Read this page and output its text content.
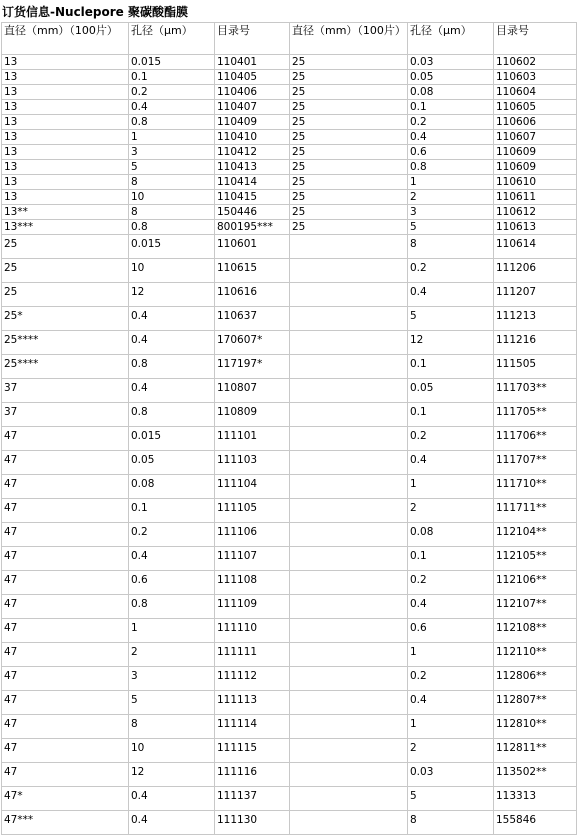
订货信息-Nuclepore 聚碳酸酯膜
直径（mm）（100片）	孔径（μm）	目录号	直径（mm）（100片）	孔径（μm）	目录号
13	0.015	110401	25	0.03	110602
13	0.1	110405	25	0.05	110603
13	0.2	110406	25	0.08	110604
13	0.4	110407	25	0.1	110605
13	0.8	110409	25	0.2	110606
13	1	110410	25	0.4	110607
13	3	110412	25	0.6	110609
13	5	110413	25	0.8	110609
13	8	110414	25	1	110610
13	10	110415	25	2	110611
13**	8	150446	25	3	110612
13***	0.8	800195***	25	5	110613
25	0.015	110601		8	110614
25	10	110615		0.2	111206
25	12	110616		0.4	111207
25*	0.4	110637		5	111213
25****	0.4	170607*		12	111216
25****	0.8	117197*		0.1	111505
37	0.4	110807		0.05	111703**
37	0.8	110809		0.1	111705**
47	0.015	111101		0.2	111706**
47	0.05	111103		0.4	111707**
47	0.08	111104		1	111710**
47	0.1	111105		2	111711**
47	0.2	111106		0.08	112104**
47	0.4	111107		0.1	112105**
47	0.6	111108		0.2	112106**
47	0.8	111109		0.4	112107**
47	1	111110		0.6	112108**
47	2	111111		1	112110**
47	3	111112		0.2	112806**
47	5	111113		0.4	112807**
47	8	111114		1	112810**
47	10	111115		2	112811**
47	12	111116		0.03	113502**
47*	0.4	111137		5	113313
47***	0.4	111130		8	155846
